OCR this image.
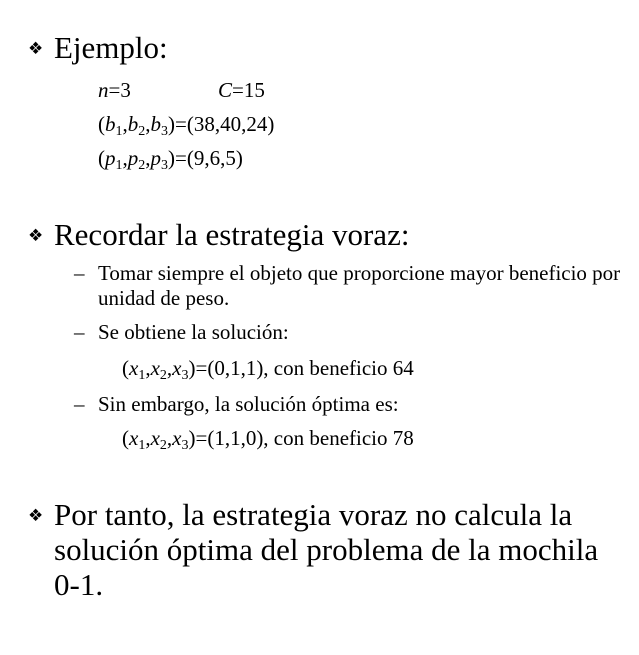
❖ Ejemplo:
n=3	C=15
$(b_1,b_2,b_3)=(38,40,24)$
$(p_1,p_2,p_3)=(9,6,5)$
❖ Recordar la estrategia voraz:
– Tomar siempre el objeto que proporcione mayor beneficio por unidad de peso.
– Se obtiene la solución:
$(x_1,x_2,x_3)=(0,1,1)$, con beneficio 64
– Sin embargo, la solución óptima es:
$(x_1,x_2,x_3)=(1,1,0)$, con beneficio 78
❖ Por tanto, la estrategia voraz no calcula la solución óptima del problema de la mochila 0-1.
